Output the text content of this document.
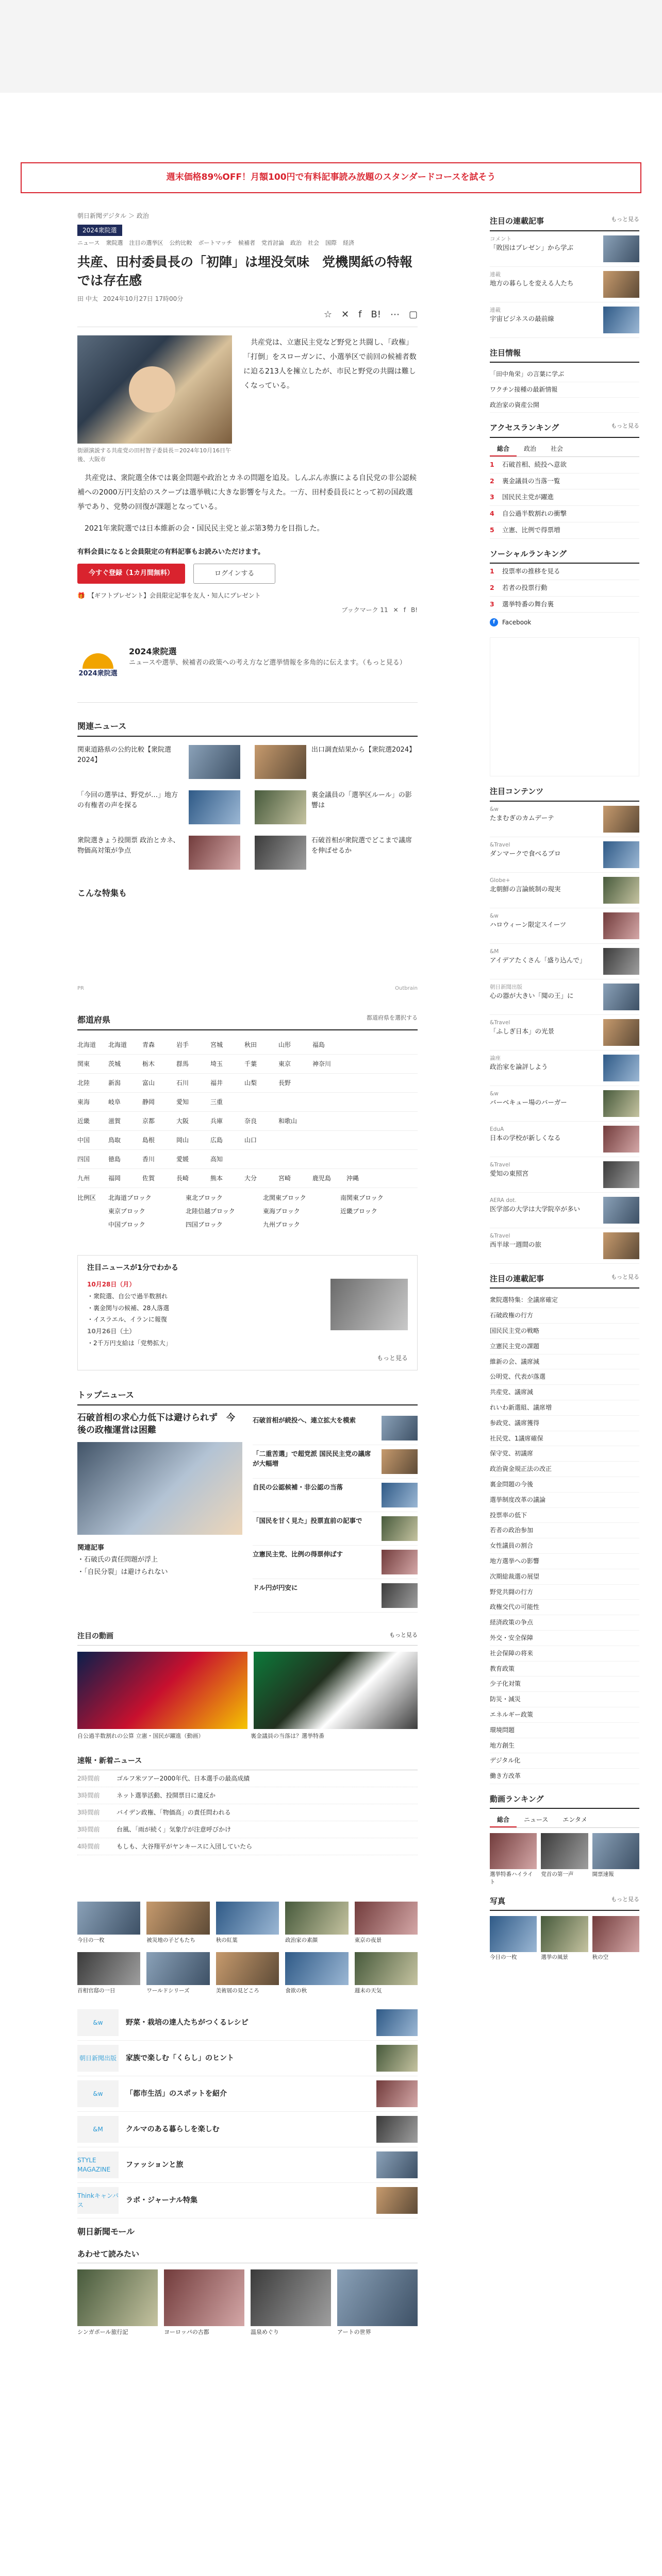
週末価格89%OFF！月額100円で有料記事読み放題のスタンダードコースを試そう
朝日新聞デジタル ＞ 政治
2024衆院選
ニュース 衆院選 注目の選挙区 公約比較 ボートマッチ 候補者 党首討論 政治 社会 国際 経済
共産、田村委員長の「初陣」は埋没気味　党機関紙の特報では存在感
田 中太 2024年10月27日 17時00分
☆ ✕ f B! ⋯ ▢
街頭演説する共産党の田村智子委員長＝2024年10月16日午後、大阪市
　共産党は、立憲民主党など野党と共闘し、「政権」「打倒」をスローガンに、小選挙区で前回の候補者数に迫る213人を擁立したが、市民と野党の共闘は難しくなっている。
　共産党は、衆院選全体では裏金問題や政治とカネの問題を追及。しんぶん赤旗による自民党の非公認候補への2000万円支給のスクープは選挙戦に大きな影響を与えた。一方、田村委員長にとって初の国政選挙であり、党勢の回復が課題となっている。
　2021年衆院選では日本維新の会・国民民主党と並ぶ第3勢力を目指した。
有料会員になると会員限定の有料記事もお読みいただけます。
今すぐ登録（1カ月間無料）	ログインする
🎁 【ギフトプレゼント】会員限定記事を友人・知人にプレゼント
ブックマーク 11 ✕ f B!
2024衆院選
2024衆院選

ニュースや選挙、候補者の政策への考え方など選挙情報を多角的に伝えます。（もっと見る）

関連ニュース
関東道路県の公約比較【衆院選2024】
出口調査結果から【衆院選2024】
「今回の選挙は、野党が…」地方の有権者の声を探る
裏金議員の「選挙区ルール」の影響は
衆院選きょう投開票 政治とカネ、物価高対策が争点
石破首相が衆院選でどこまで議席を伸ばせるか
こんな特集も
PR	Outbrain
都道府県	都道府県を選択する
北海道	北海道	青森	岩手	宮城	秋田	山形	福島
関東	茨城	栃木	群馬	埼玉	千葉	東京	神奈川
北陸	新潟	富山	石川	福井	山梨	長野
東海	岐阜	静岡	愛知	三重
近畿	滋賀	京都	大阪	兵庫	奈良	和歌山
中国	鳥取	島根	岡山	広島	山口
四国	徳島	香川	愛媛	高知
九州	福岡	佐賀	長崎	熊本	大分	宮崎	鹿児島	沖縄
比例区	北海道ブロック	東北ブロック	北関東ブロック	南関東ブロック
東京ブロック	北陸信越ブロック	東海ブロック	近畿ブロック
中国ブロック	四国ブロック	九州ブロック
注目ニュースが1分でわかる
10月28日（月）
・衆院選、自公で過半数割れ
・裏金関与の候補、28人落選
・イスラエル、イランに報復
10月26日（土）
・2千万円支給は「党勢拡大」
もっと見る
トップニュース
石破首相の求心力低下は避けられず　今後の政権運営は困難
関連記事
・石破氏の責任問題が浮上
・「自民分裂」は避けられない
石破首相が続投へ、連立拡大を模索
「二重苦選」で超党派 国民民主党の議席が大幅増
自民の公認候補・非公認の当落
「国民を甘く見た」投票直前の記事で
立憲民主党、比例の得票伸ばす
ドル円が円安に
注目の動画	もっと見る
自公過半数割れの公算 立憲・国民が躍進（動画）	裏金議員の当落は？選挙特番
速報・新着ニュース
2時間前	ゴルフ米ツアー2000年代、日本選手の最高成績
3時間前	ネット選挙活動、投開票日に違反か
3時間前	バイデン政権、「物価高」の責任問われる
3時間前	台風、「雨が続く」気象庁が注意呼びかけ
4時間前	もしも、大谷翔平がヤンキースに入団していたら
今日の一枚	被災地の子どもたち	秋の紅葉	政治家の素顔	東京の夜景
首相官邸の一日	ワールドシリーズ	美術展の見どころ	食欲の秋	週末の天気
&w	野菜・栽培の達人たちがつくるレシピ
朝日新聞出版 家族で楽しむ「くらし」のヒント
&w	「都市生活」のスポットを紹介
&M	クルマのある暮らしを楽しむ
STYLE MAGAZINE
ファッションと旅
Thinkキャンパス
ラボ・ジャーナル特集
朝日新聞モール
あわせて読みたい
シンガポール旅行記	ヨーロッパの古都	温泉めぐり	アートの世界
注目の連載記事	もっと見る
コメント
「敗因はプレゼン」から学ぶ
連載
地方の暮らしを変える人たち
連載
宇宙ビジネスの最前線
注目情報
「田中角栄」の言葉に学ぶ
ワクチン接種の最新情報
政治家の資産公開
アクセスランキング	もっと見る
総合	政治	社会
1	石破首相、続投へ意欲
2	裏金議員の当落一覧
3	国民民主党が躍進
4	自公過半数割れの衝撃
5	立憲、比例で得票増
ソーシャルランキング
1	投票率の推移を見る
2	若者の投票行動
3	選挙特番の舞台裏
f	Facebook
注目コンテンツ
&w
たまむぎのカムデーテ
&Travel
ダンマークで食べるプロ
Globe+
北朝鮮の言論統制の現実
&w
ハロウィーン限定スイーツ
&M
アイデアたくさん「盛り込んで」
朝日新聞出版
心の器が大きい「聞の王」に
&Travel
「ふしぎ日本」の光景
論座
政治家を論評しよう
&w
バーベキュー場のバーガー
EduA
日本の学校が新しくなる
&Travel
愛知の東照宮
AERA dot.
医学部の大学は大学院卒が多い
&Travel
西半球一週間の旅
注目の連載記事	もっと見る
衆院選特集：全議席確定
石破政権の行方
国民民主党の戦略
立憲民主党の課題
維新の会、議席減
公明党、代表が落選
共産党、議席減
れいわ新選組、議席増
参政党、議席獲得
社民党、1議席確保
保守党、初議席
政治資金規正法の改正
裏金問題の今後
選挙制度改革の議論
投票率の低下
若者の政治参加
女性議員の割合
地方選挙への影響
次期総裁選の展望
野党共闘の行方
政権交代の可能性
経済政策の争点
外交・安全保障
社会保障の将来
教育政策
少子化対策
防災・減災
エネルギー政策
環境問題
地方創生
デジタル化
働き方改革
動画ランキング
総合	ニュース	エンタメ
選挙特番ハイライト
党首の第一声	開票速報
写真	もっと見る
今日の一枚	選挙の風景	秋の空
